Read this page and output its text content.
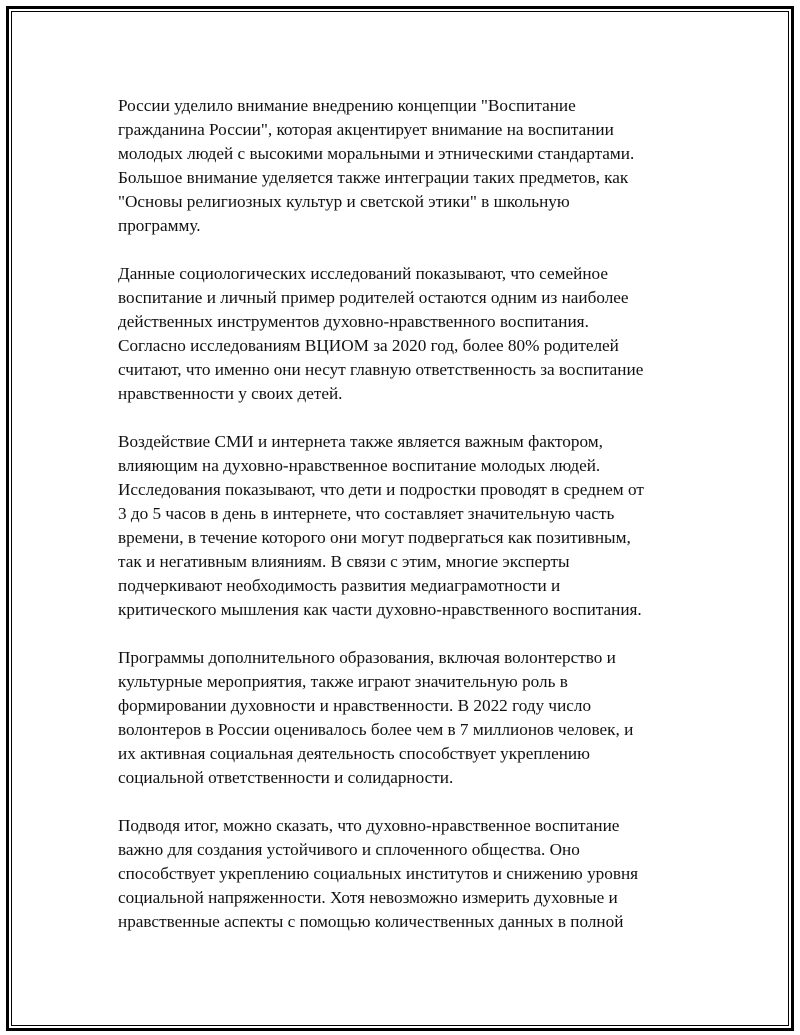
России уделило внимание внедрению концепции "Воспитание
гражданина России", которая акцентирует внимание на воспитании
молодых людей с высокими моральными и этническими стандартами.
Большое внимание уделяется также интеграции таких предметов, как
"Основы религиозных культур и светской этики" в школьную
программу.

Данные социологических исследований показывают, что семейное
воспитание и личный пример родителей остаются одним из наиболее
действенных инструментов духовно-нравственного воспитания.
Согласно исследованиям ВЦИОМ за 2020 год, более 80% родителей
считают, что именно они несут главную ответственность за воспитание
нравственности у своих детей.

Воздействие СМИ и интернета также является важным фактором,
влияющим на духовно-нравственное воспитание молодых людей.
Исследования показывают, что дети и подростки проводят в среднем от
3 до 5 часов в день в интернете, что составляет значительную часть
времени, в течение которого они могут подвергаться как позитивным,
так и негативным влияниям. В связи с этим, многие эксперты
подчеркивают необходимость развития медиаграмотности и
критического мышления как части духовно-нравственного воспитания.

Программы дополнительного образования, включая волонтерство и
культурные мероприятия, также играют значительную роль в
формировании духовности и нравственности. В 2022 году число
волонтеров в России оценивалось более чем в 7 миллионов человек, и
их активная социальная деятельность способствует укреплению
социальной ответственности и солидарности.

Подводя итог, можно сказать, что духовно-нравственное воспитание
важно для создания устойчивого и сплоченного общества. Оно
способствует укреплению социальных институтов и снижению уровня
социальной напряженности. Хотя невозможно измерить духовные и
нравственные аспекты с помощью количественных данных в полной
